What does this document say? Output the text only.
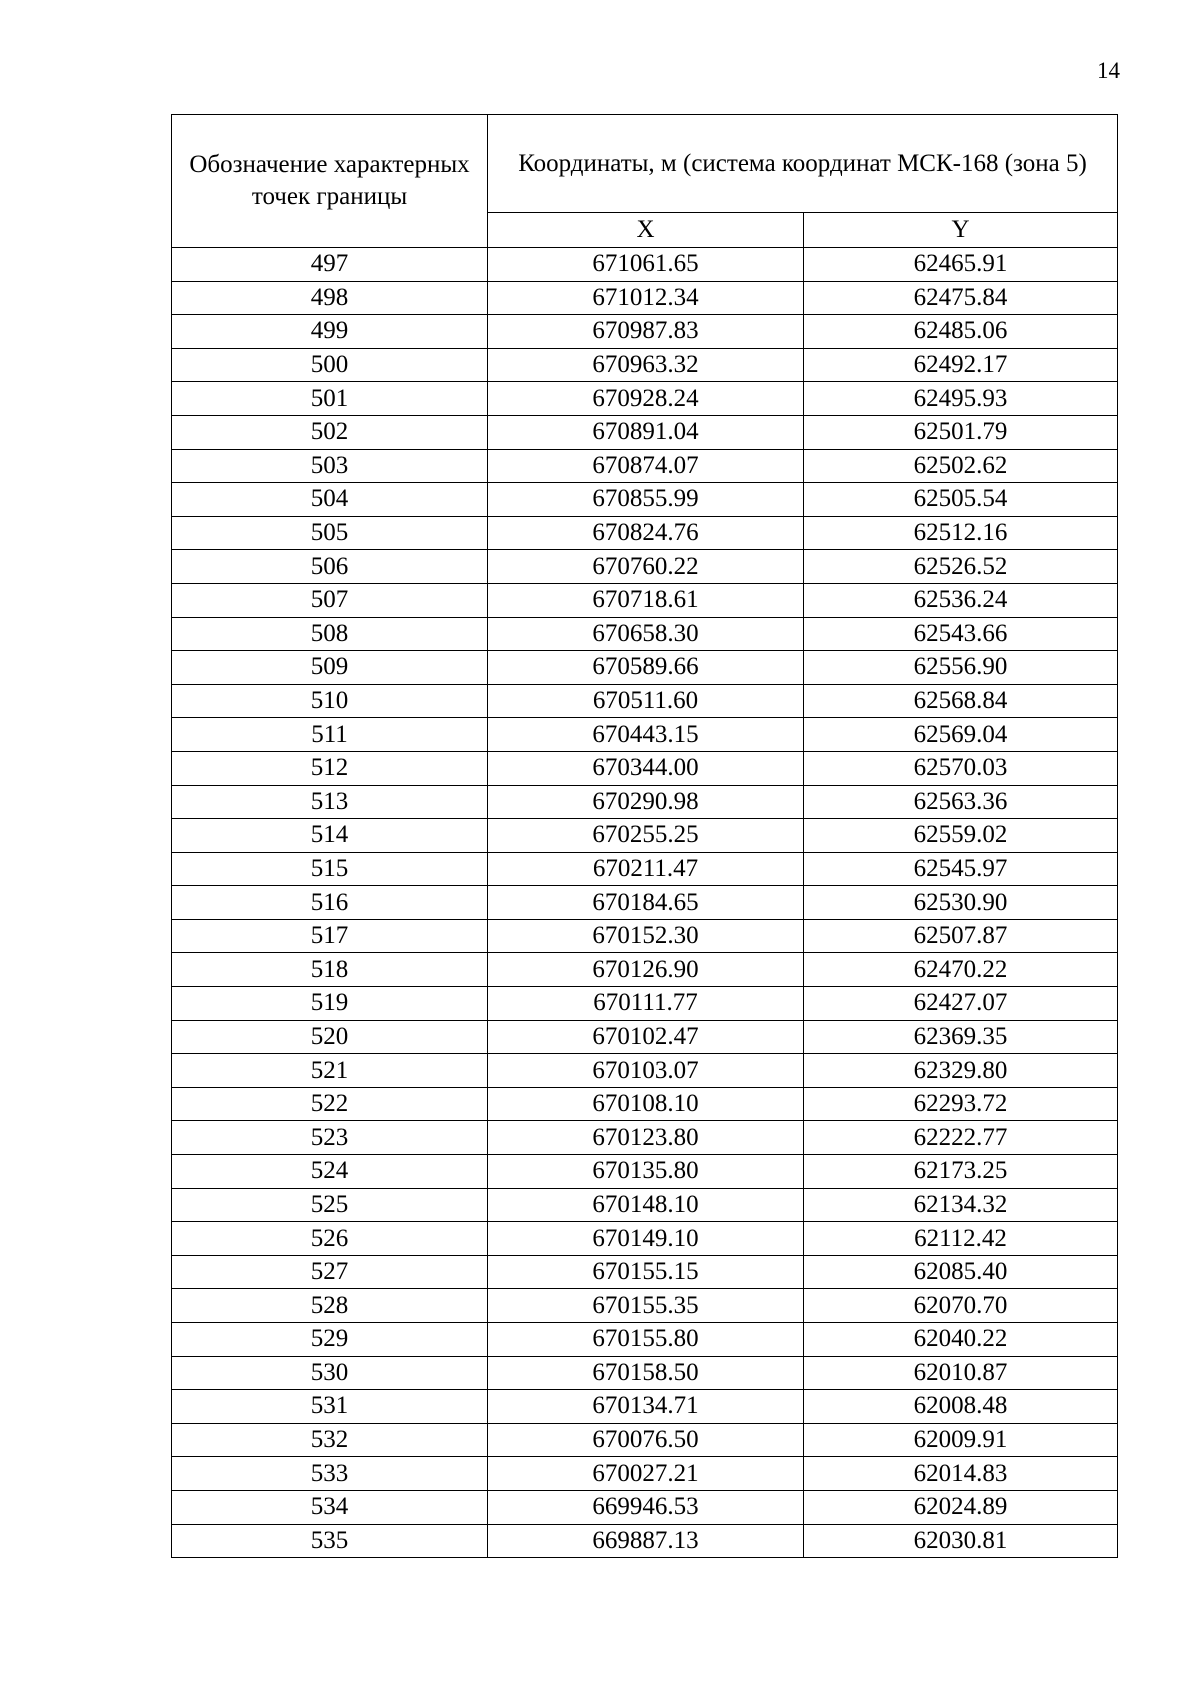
14
Обозначение характерных точек границы	Координаты, м (система координат МСК-168 (зона 5)	
	X	Y
497	671061.65	62465.91
498	671012.34	62475.84
499	670987.83	62485.06
500	670963.32	62492.17
501	670928.24	62495.93
502	670891.04	62501.79
503	670874.07	62502.62
504	670855.99	62505.54
505	670824.76	62512.16
506	670760.22	62526.52
507	670718.61	62536.24
508	670658.30	62543.66
509	670589.66	62556.90
510	670511.60	62568.84
511	670443.15	62569.04
512	670344.00	62570.03
513	670290.98	62563.36
514	670255.25	62559.02
515	670211.47	62545.97
516	670184.65	62530.90
517	670152.30	62507.87
518	670126.90	62470.22
519	670111.77	62427.07
520	670102.47	62369.35
521	670103.07	62329.80
522	670108.10	62293.72
523	670123.80	62222.77
524	670135.80	62173.25
525	670148.10	62134.32
526	670149.10	62112.42
527	670155.15	62085.40
528	670155.35	62070.70
529	670155.80	62040.22
530	670158.50	62010.87
531	670134.71	62008.48
532	670076.50	62009.91
533	670027.21	62014.83
534	669946.53	62024.89
535	669887.13	62030.81
